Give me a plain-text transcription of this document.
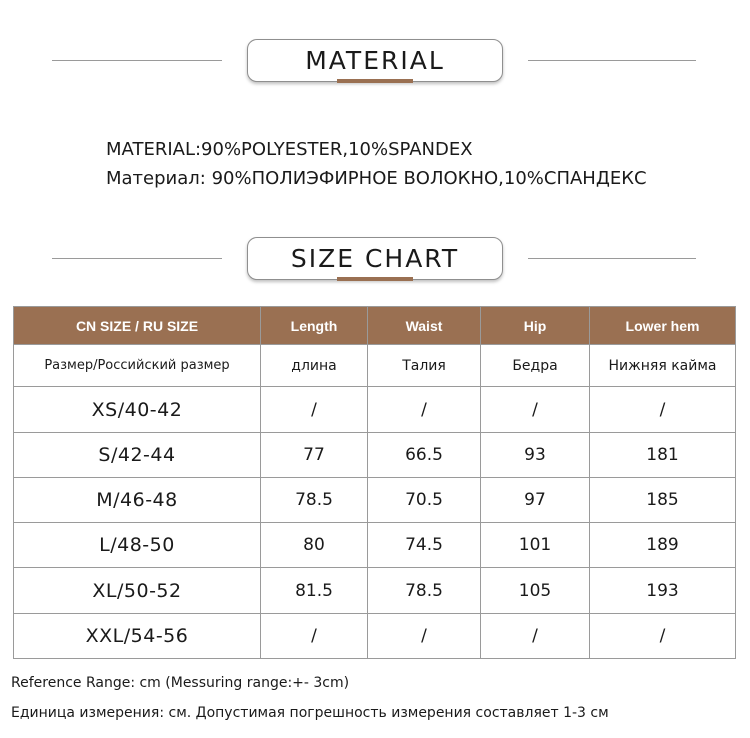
MATERIAL
MATERIAL:90%POLYESTER,10%SPANDEX
Материал: 90%ПОЛИЭФИРНОЕ ВОЛОКНО,10%СПАНДЕКС
SIZE CHART
CN SIZE / RU SIZE	Length	Waist	Hip	Lower hem
Размер/Российский размер	длина	Талия	Бедра	Нижняя кайма
XS/40-42	/	/	/	/
S/42-44	77	66.5	93	181
M/46-48	78.5	70.5	97	185
L/48-50	80	74.5	101	189
XL/50-52	81.5	78.5	105	193
XXL/54-56	/	/	/	/
Reference Range: cm (Messuring range:+- 3cm)
Единица измерения: см. Допустимая погрешность измерения составляет 1-3 см
